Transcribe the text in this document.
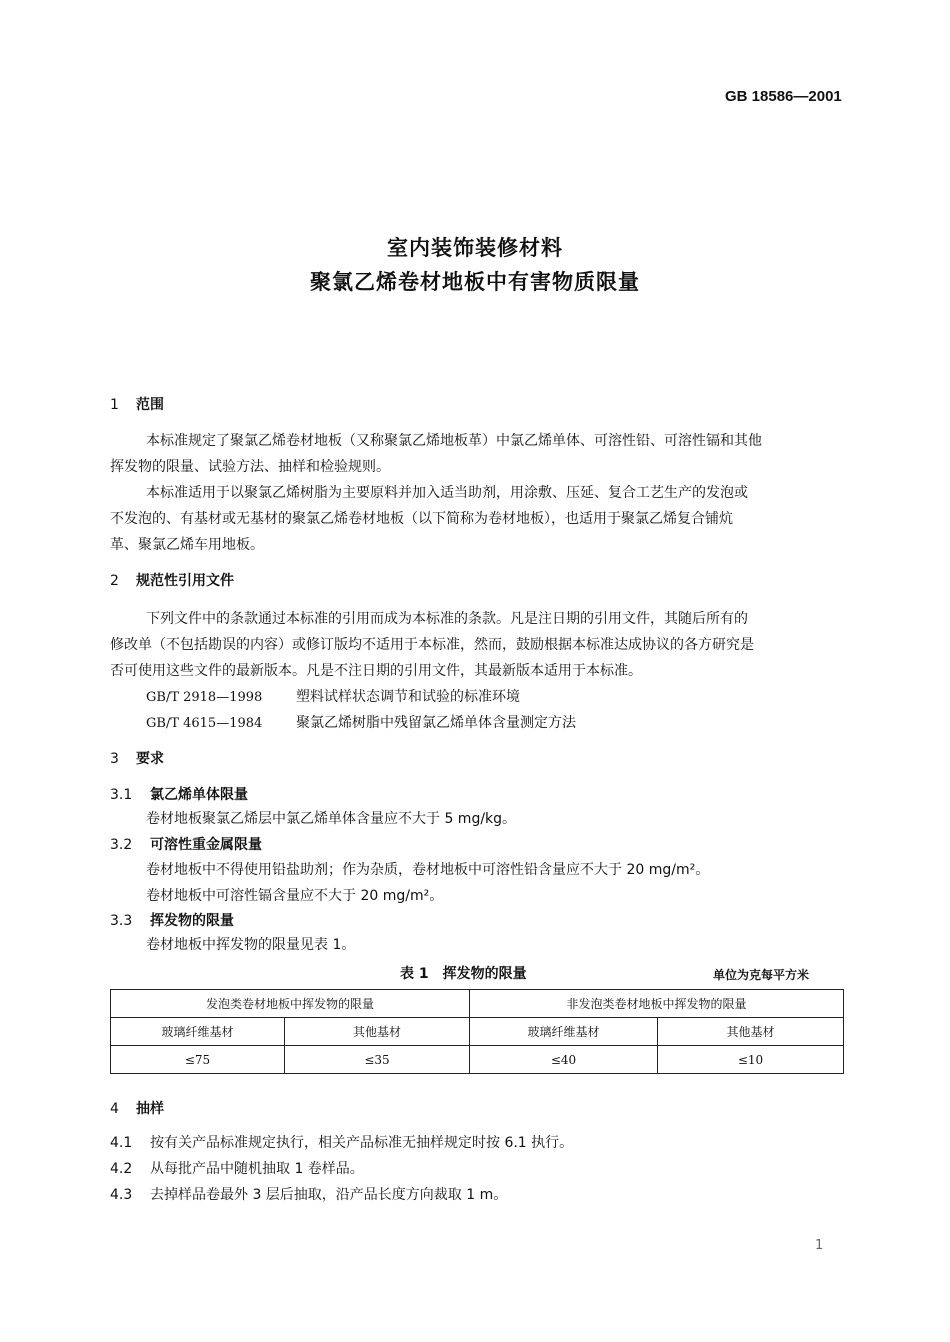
GB 18586—2001
室内装饰装修材料
聚氯乙烯卷材地板中有害物质限量
1 范围
本标准规定了聚氯乙烯卷材地板（又称聚氯乙烯地板革）中氯乙烯单体、可溶性铅、可溶性镉和其他
挥发物的限量、试验方法、抽样和检验规则。
本标准适用于以聚氯乙烯树脂为主要原料并加入适当助剂，用涂敷、压延、复合工艺生产的发泡或
不发泡的、有基材或无基材的聚氯乙烯卷材地板（以下简称为卷材地板），也适用于聚氯乙烯复合铺炕
革、聚氯乙烯车用地板。
2 规范性引用文件
下列文件中的条款通过本标准的引用而成为本标准的条款。凡是注日期的引用文件，其随后所有的
修改单（不包括勘误的内容）或修订版均不适用于本标准，然而，鼓励根据本标准达成协议的各方研究是
否可使用这些文件的最新版本。凡是不注日期的引用文件，其最新版本适用于本标准。
GB/T 2918—1998 塑料试样状态调节和试验的标准环境
GB/T 4615—1984 聚氯乙烯树脂中残留氯乙烯单体含量测定方法
3 要求
3.1 氯乙烯单体限量
卷材地板聚氯乙烯层中氯乙烯单体含量应不大于 5 mg/kg。
3.2 可溶性重金属限量
卷材地板中不得使用铅盐助剂；作为杂质，卷材地板中可溶性铅含量应不大于 20 mg/m²。
卷材地板中可溶性镉含量应不大于 20 mg/m²。
3.3 挥发物的限量
卷材地板中挥发物的限量见表 1。
表 1　挥发物的限量	单位为克每平方米
发泡类卷材地板中挥发物的限量		非发泡类卷材地板中挥发物的限量	
玻璃纤维基材	其他基材	玻璃纤维基材	其他基材
≤75	≤35	≤40	≤10
4 抽样
4.1 按有关产品标准规定执行，相关产品标准无抽样规定时按 6.1 执行。
4.2 从每批产品中随机抽取 1 卷样品。
4.3 去掉样品卷最外 3 层后抽取，沿产品长度方向裁取 1 m。
1
